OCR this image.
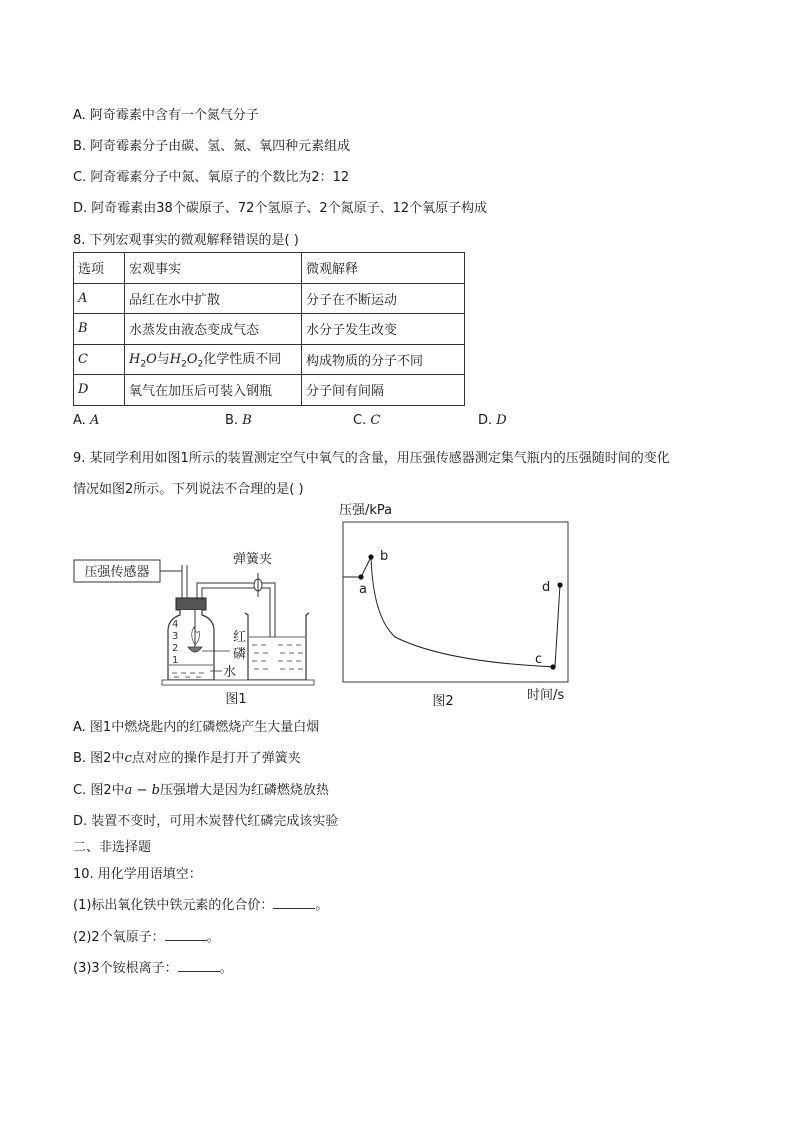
A. 阿奇霉素中含有一个氮气分子
B. 阿奇霉素分子由碳、氢、氮、氧四种元素组成
C. 阿奇霉素分子中氮、氧原子的个数比为2：12
D. 阿奇霉素由38个碳原子、72个氢原子、2个氮原子、12个氧原子构成
8. 下列宏观事实的微观解释错误的是( )
选项	宏观事实	微观解释
A	品红在水中扩散	分子在不断运动
B	水蒸发由液态变成气态	水分子发生改变
C	$H_2O$与$H_2O_2$化学性质不同	构成物质的分子不同
D	氧气在加压后可装入钢瓶	分子间有间隔
A. A	B. B	C. C	D. D
9. 某同学利用如图1所示的装置测定空气中氧气的含量，用压强传感器测定集气瓶内的压强随时间的变化
情况如图2所示。下列说法不合理的是( )
压强传感器
4
3
2
1
红
磷
水
弹簧夹
图1
压强/kPa
a
b
c
d
时间/s
图2
A. 图1中燃烧匙内的红磷燃烧产生大量白烟
B. 图2中c点对应的操作是打开了弹簧夹
C. 图2中a − b压强增大是因为红磷燃烧放热
D. 装置不变时，可用木炭替代红磷完成该实验
二、非选择题
10. 用化学用语填空：
(1)标出氧化铁中铁元素的化合价：	。
(2)2个氧原子：	。
(3)3个铵根离子：	。
